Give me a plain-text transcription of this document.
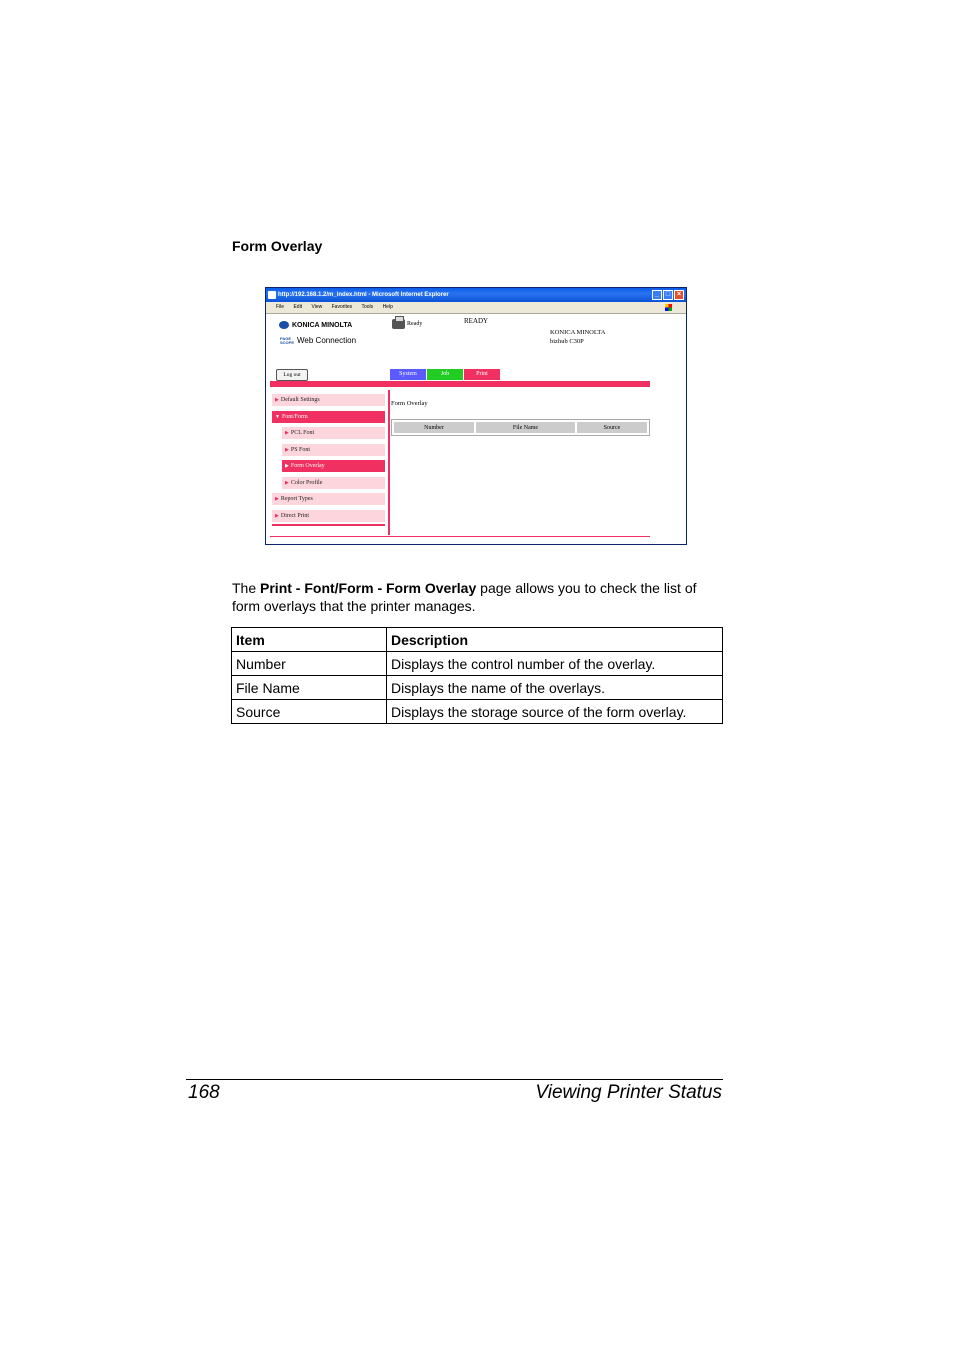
Form Overlay
http://192.168.1.2/m_index.html - Microsoft Internet Explorer	_ □ ×
File Edit View Favorites Tools Help
KONICA MINOLTA
PAGE
SCOPE Web Connection
Ready	READY
KONICA MINOLTA
bizhub C30P
Log out	System	Job	Print
▶ Default Settings
▼ Font/Form
▶ PCL Font
▶ PS Font
▶ Form Overlay
▶ Color Profile
▶ Report Types
▶ Direct Print
Form Overlay
Number	File Name	Source
The Print - Font/Form - Form Overlay page allows you to check the list of form overlays that the printer manages.
Item	Description
Number	Displays the control number of the overlay.
File Name	Displays the name of the overlays.
Source	Displays the storage source of the form overlay.
168	Viewing Printer Status
